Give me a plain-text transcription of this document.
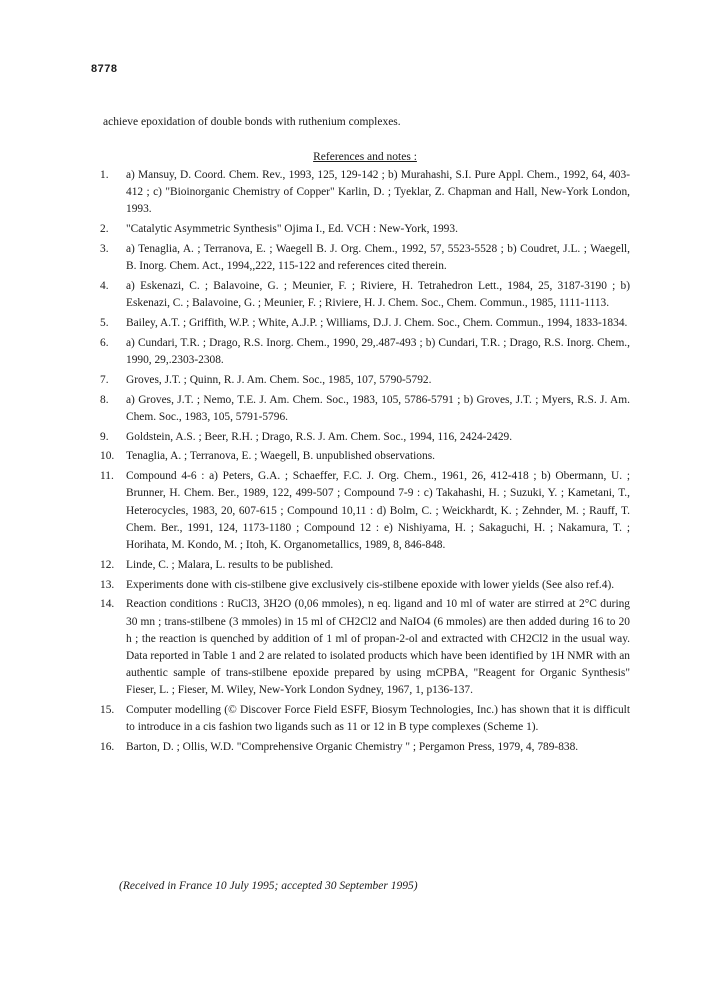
8778
achieve epoxidation of double bonds with ruthenium complexes.
References and notes :
1.	a) Mansuy, D. Coord. Chem. Rev., 1993, 125, 129-142 ; b) Murahashi, S.I. Pure Appl. Chem., 1992, 64, 403-412 ; c) "Bioinorganic Chemistry of Copper" Karlin, D. ; Tyeklar, Z. Chapman and Hall, New-York London, 1993.
2.	"Catalytic Asymmetric Synthesis" Ojima I., Ed. VCH : New-York, 1993.
3.	a) Tenaglia, A. ; Terranova, E. ; Waegell B. J. Org. Chem., 1992, 57, 5523-5528 ; b) Coudret, J.L. ; Waegell, B. Inorg. Chem. Act., 1994,,222, 115-122 and references cited therein.
4.	a) Eskenazi, C. ; Balavoine, G. ; Meunier, F. ; Riviere, H. Tetrahedron Lett., 1984, 25, 3187-3190 ; b) Eskenazi, C. ; Balavoine, G. ; Meunier, F. ; Riviere, H. J. Chem. Soc., Chem. Commun., 1985, 1111-1113.
5.	Bailey, A.T. ; Griffith, W.P. ; White, A.J.P. ; Williams, D.J. J. Chem. Soc., Chem. Commun., 1994, 1833-1834.
6.	a) Cundari, T.R. ; Drago, R.S. Inorg. Chem., 1990, 29,.487-493 ; b) Cundari, T.R. ; Drago, R.S. Inorg. Chem., 1990, 29,.2303-2308.
7.	Groves, J.T. ; Quinn, R. J. Am. Chem. Soc., 1985, 107, 5790-5792.
8.	a) Groves, J.T. ; Nemo, T.E. J. Am. Chem. Soc., 1983, 105, 5786-5791 ; b) Groves, J.T. ; Myers, R.S. J. Am. Chem. Soc., 1983, 105, 5791-5796.
9.	Goldstein, A.S. ; Beer, R.H. ; Drago, R.S. J. Am. Chem. Soc., 1994, 116, 2424-2429.
10.	Tenaglia, A. ; Terranova, E. ; Waegell, B. unpublished observations.
11.	Compound 4-6 : a) Peters, G.A. ; Schaeffer, F.C. J. Org. Chem., 1961, 26, 412-418 ; b) Obermann, U. ; Brunner, H. Chem. Ber., 1989, 122, 499-507 ; Compound 7-9 : c) Takahashi, H. ; Suzuki, Y. ; Kametani, T., Heterocycles, 1983, 20, 607-615 ; Compound 10,11 : d) Bolm, C. ; Weickhardt, K. ; Zehnder, M. ; Rauff, T. Chem. Ber., 1991, 124, 1173-1180 ; Compound 12 : e) Nishiyama, H. ; Sakaguchi, H. ; Nakamura, T. ; Horihata, M. Kondo, M. ; Itoh, K. Organometallics, 1989, 8, 846-848.
12.	Linde, C. ; Malara, L. results to be published.
13.	Experiments done with cis-stilbene give exclusively cis-stilbene epoxide with lower yields (See also ref.4).
14.	Reaction conditions : RuCl3, 3H2O (0,06 mmoles), n eq. ligand and 10 ml of water are stirred at 2°C during 30 mn ; trans-stilbene (3 mmoles) in 15 ml of CH2Cl2 and NaIO4 (6 mmoles) are then added during 16 to 20 h ; the reaction is quenched by addition of 1 ml of propan-2-ol and extracted with CH2Cl2 in the usual way. Data reported in Table 1 and 2 are related to isolated products which have been identified by 1H NMR with an authentic sample of trans-stilbene epoxide prepared by using mCPBA, "Reagent for Organic Synthesis" Fieser, L. ; Fieser, M. Wiley, New-York London Sydney, 1967, 1, p136-137.
15.	Computer modelling (© Discover Force Field ESFF, Biosym Technologies, Inc.) has shown that it is difficult to introduce in a cis fashion two ligands such as 11 or 12 in B type complexes (Scheme 1).
16.	Barton, D. ; Ollis, W.D. "Comprehensive Organic Chemistry " ; Pergamon Press, 1979, 4, 789-838.
(Received in France 10 July 1995; accepted 30 September 1995)
